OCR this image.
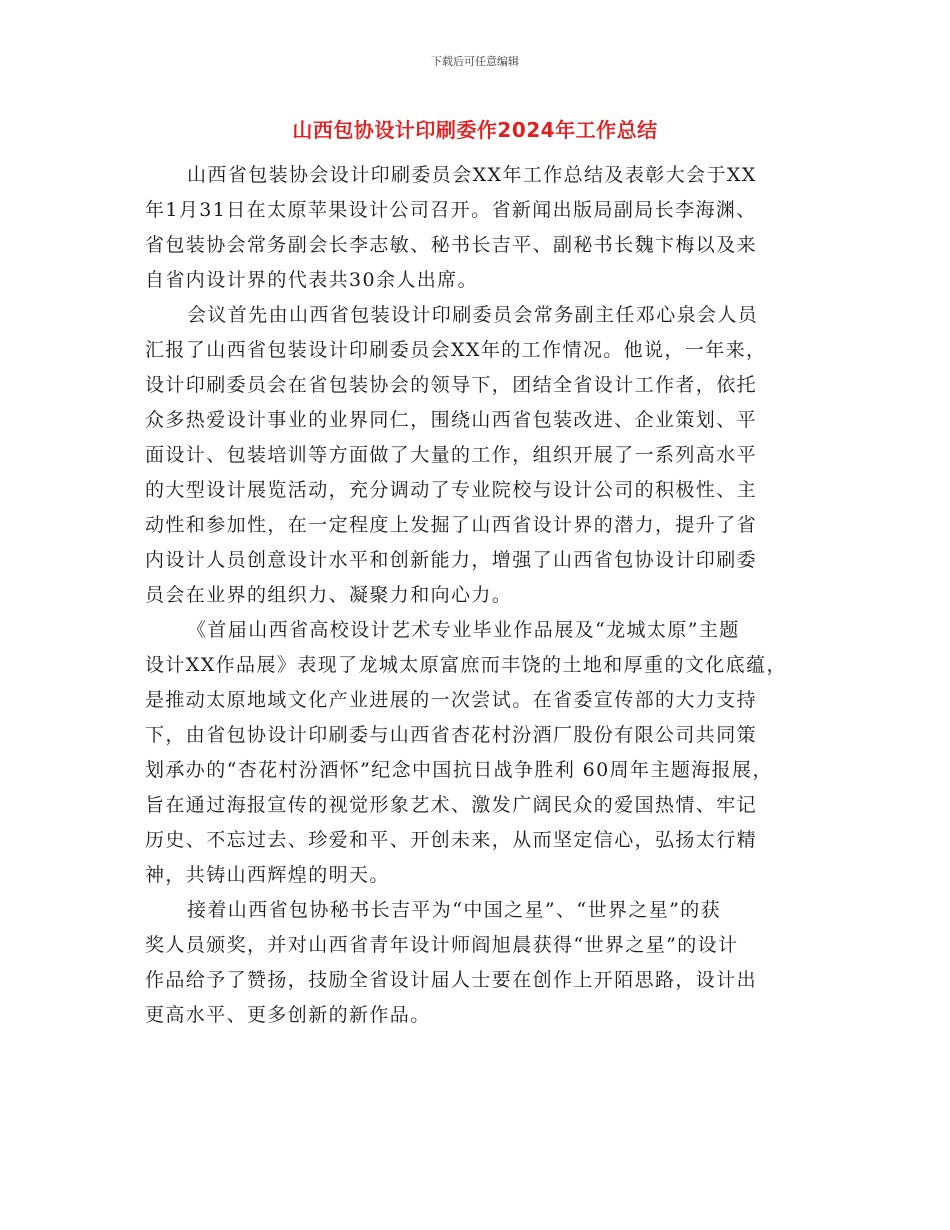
下载后可任意编辑
山西包协设计印刷委作2024年工作总结

山西省包装协会设计印刷委员会XX年工作总结及表彰大会于XX
年1月31日在太原苹果设计公司召开。省新闻出版局副局长李海渊、
省包装协会常务副会长李志敏、秘书长吉平、副秘书长魏卞梅以及来
自省内设计界的代表共30余人出席。

会议首先由山西省包装设计印刷委员会常务副主任邓心泉会人员
汇报了山西省包装设计印刷委员会XX年的工作情况。他说，一年来，
设计印刷委员会在省包装协会的领导下，团结全省设计工作者，依托
众多热爱设计事业的业界同仁，围绕山西省包装改进、企业策划、平
面设计、包装培训等方面做了大量的工作，组织开展了一系列高水平
的大型设计展览活动，充分调动了专业院校与设计公司的积极性、主
动性和参加性，在一定程度上发掘了山西省设计界的潜力，提升了省
内设计人员创意设计水平和创新能力，增强了山西省包协设计印刷委
员会在业界的组织力、凝聚力和向心力。

《首届山西省高校设计艺术专业毕业作品展及“龙城太原”主题
设计XX作品展》表现了龙城太原富庶而丰饶的土地和厚重的文化底蕴，
是推动太原地域文化产业进展的一次尝试。在省委宣传部的大力支持
下，由省包协设计印刷委与山西省杏花村汾酒厂股份有限公司共同策
划承办的“杏花村汾酒怀”纪念中国抗日战争胜利 60周年主题海报展，
旨在通过海报宣传的视觉形象艺术、激发广阔民众的爱国热情、牢记
历史、不忘过去、珍爱和平、开创未来，从而坚定信心，弘扬太行精
神，共铸山西辉煌的明天。

接着山西省包协秘书长吉平为“中国之星”、“世界之星”的获
奖人员颁奖，并对山西省青年设计师阎旭晨获得“世界之星”的设计
作品给予了赞扬，技励全省设计届人士要在创作上开陌思路，设计出
更高水平、更多创新的新作品。
